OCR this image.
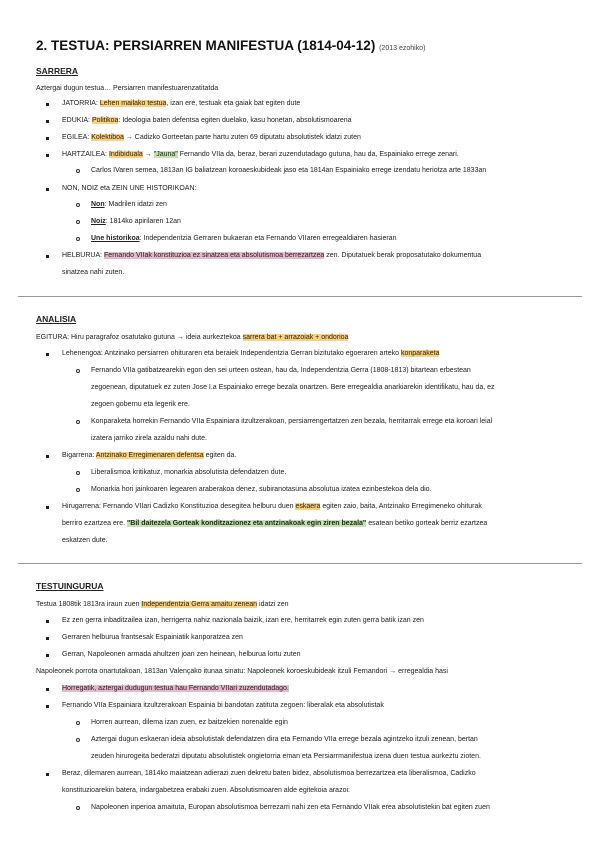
2. TESTUA: PERSIARREN MANIFESTUA (1814-04-12) (2013 ezohiko)
SARRERA
Aztergai dugun testua… Persiarren manifestuarenzatitatda
JATORRIA: Lehen mailako testua, izan ere, testuak eta gaiak bat egiten dute
EDUKIA: Politikoa: Ideologia baten defentsa egiten duelako, kasu honetan, absolutismoarena
EGILEA: Kolektiboa → Cadizko Gorteetan parte hartu zuten 69 diputatu absolutistek idatzi zuten
HARTZAILEA: Indibiduala → "Jauna" Fernando VIIa da, beraz, berari zuzendutadago gutuna, hau da, Espainiako errege zenari.
Carlos IVaren semea, 1813an IG baliatzean koroaeskubideak jaso eta 1814an Espainiako errege izendatu heriotza arte 1833an
NON, NOIZ eta ZEIN UNE HISTORIKOAN:
Non: Madrilen idatzi zen
Noiz: 1814ko apirilaren 12an
Une historikoa: Independentzia Gerraren bukaeran eta Fernando VIIaren erregealdiaren hasieran
HELBURUA: Fernando VIIak konstituzioa ez sinatzea eta absolutismoa berrezartzea zen. Diputatuek berak proposatutako dokumentua
sinatzea nahi zuten.
ANALISIA
EGITURA: Hiru paragrafoz osatutako gutuna → ideia aurkeztekoa sarrera bat + arrazoiak + ondorioa
Lehenengoa: Antzinako persiarren ohituraren eta beraiek Independentzia Gerran bizitutako egoeraren arteko konparaketa
Fernando VIIa gatibatzearekin egon den sei urteen ostean, hau da, Independentzia Gerra (1808-1813) bitartean erbestean
zegoenean, diputatuek ez zuten Jose I.a Espainiako errege bezala onartzen. Bere erregealdia anarkiarekin identifikatu, hau da, ez
zegoen gobernu eta legerik ere.
Konparaketa horrekin Fernando VIIa Espainiara itzultzerakoan, persiarrengertatzen zen bezala, herritarrak errege eta koroari leial
izatera jarriko zirela azaldu nahi dute.
Bigarrena: Antzinako Erregimenaren defentsa egiten da.
Liberalismoa kritikatuz, monarkia absolutista defendatzen dute.
Monarkia hori jainkoaren legearen araberakoa denez, subiranotasuna absolutua izatea ezinbestekoa dela dio.
Hirugarrena: Fernando VIIari Cadizko Konstituzioa desegitea helburu duen eskaera egiten zaio, baita, Antzinako Erregimeneko ohiturak
berriro ezartzea ere. "Bil daitezela Gorteak konditzazionez eta antzinakoak egin ziren bezala" esatean betiko gorteak berriz ezartzea
eskatzen dute.
TESTUINGURUA
Testua 1808tik 1813ra iraun zuen Independentzia Gerra amaitu zenean idatzi zen
Ez zen gerra inbaditzailea izan, herrigerra nahiz nazionala baizik, izan ere, herritarrek egin zuten gerra batik izan zen
Gerraren helburua frantsesak Espainiatik kanporatzea zen
Gerran, Napoleonen armada ahultzen joan zen heinean, helburua lortu zuten
Napoleonek porrota onartutakoan, 1813an Valençako itunaa sinatu: Napoleonek koroeskubideak itzuli Fernandori → erregealdia hasi
Horregatik, aztergai dudugun testua hau Fernando VIIari zuzendutadago.
Fernando VIIa Espainiara itzultzerakoan Espainia bi bandotan zatituta zegoen: liberalak eta absolutistak
Horren aurrean, dilema izan zuen, ez baitzekien norenalde egin
Aztergai dugun eskaeran ideia absolutistak defendatzen dira eta Fernando VIIa errege bezala agintzeko itzuli zenean, bertan
zeuden hirurogeita bederatzi diputatu absolutistek ongietorria eman eta Persiarrmanifestua izena duen testua aurkeztu zioten.
Beraz, dilemaren aurrean, 1814ko maiatzean adierazi zuen dekretu baten bidez, absolutismoa berrezartzea eta liberalismoa, Cadizko
konstituzioarekin batera, indargabetzea erabaki zuen. Absolutismoaren alde egitekoia arazoi:
Napoleonen inperioa amaituta, Europan absolutismoa berrezarri nahi zen eta Fernando VIIak erea absolutistekin bat egiten zuen
